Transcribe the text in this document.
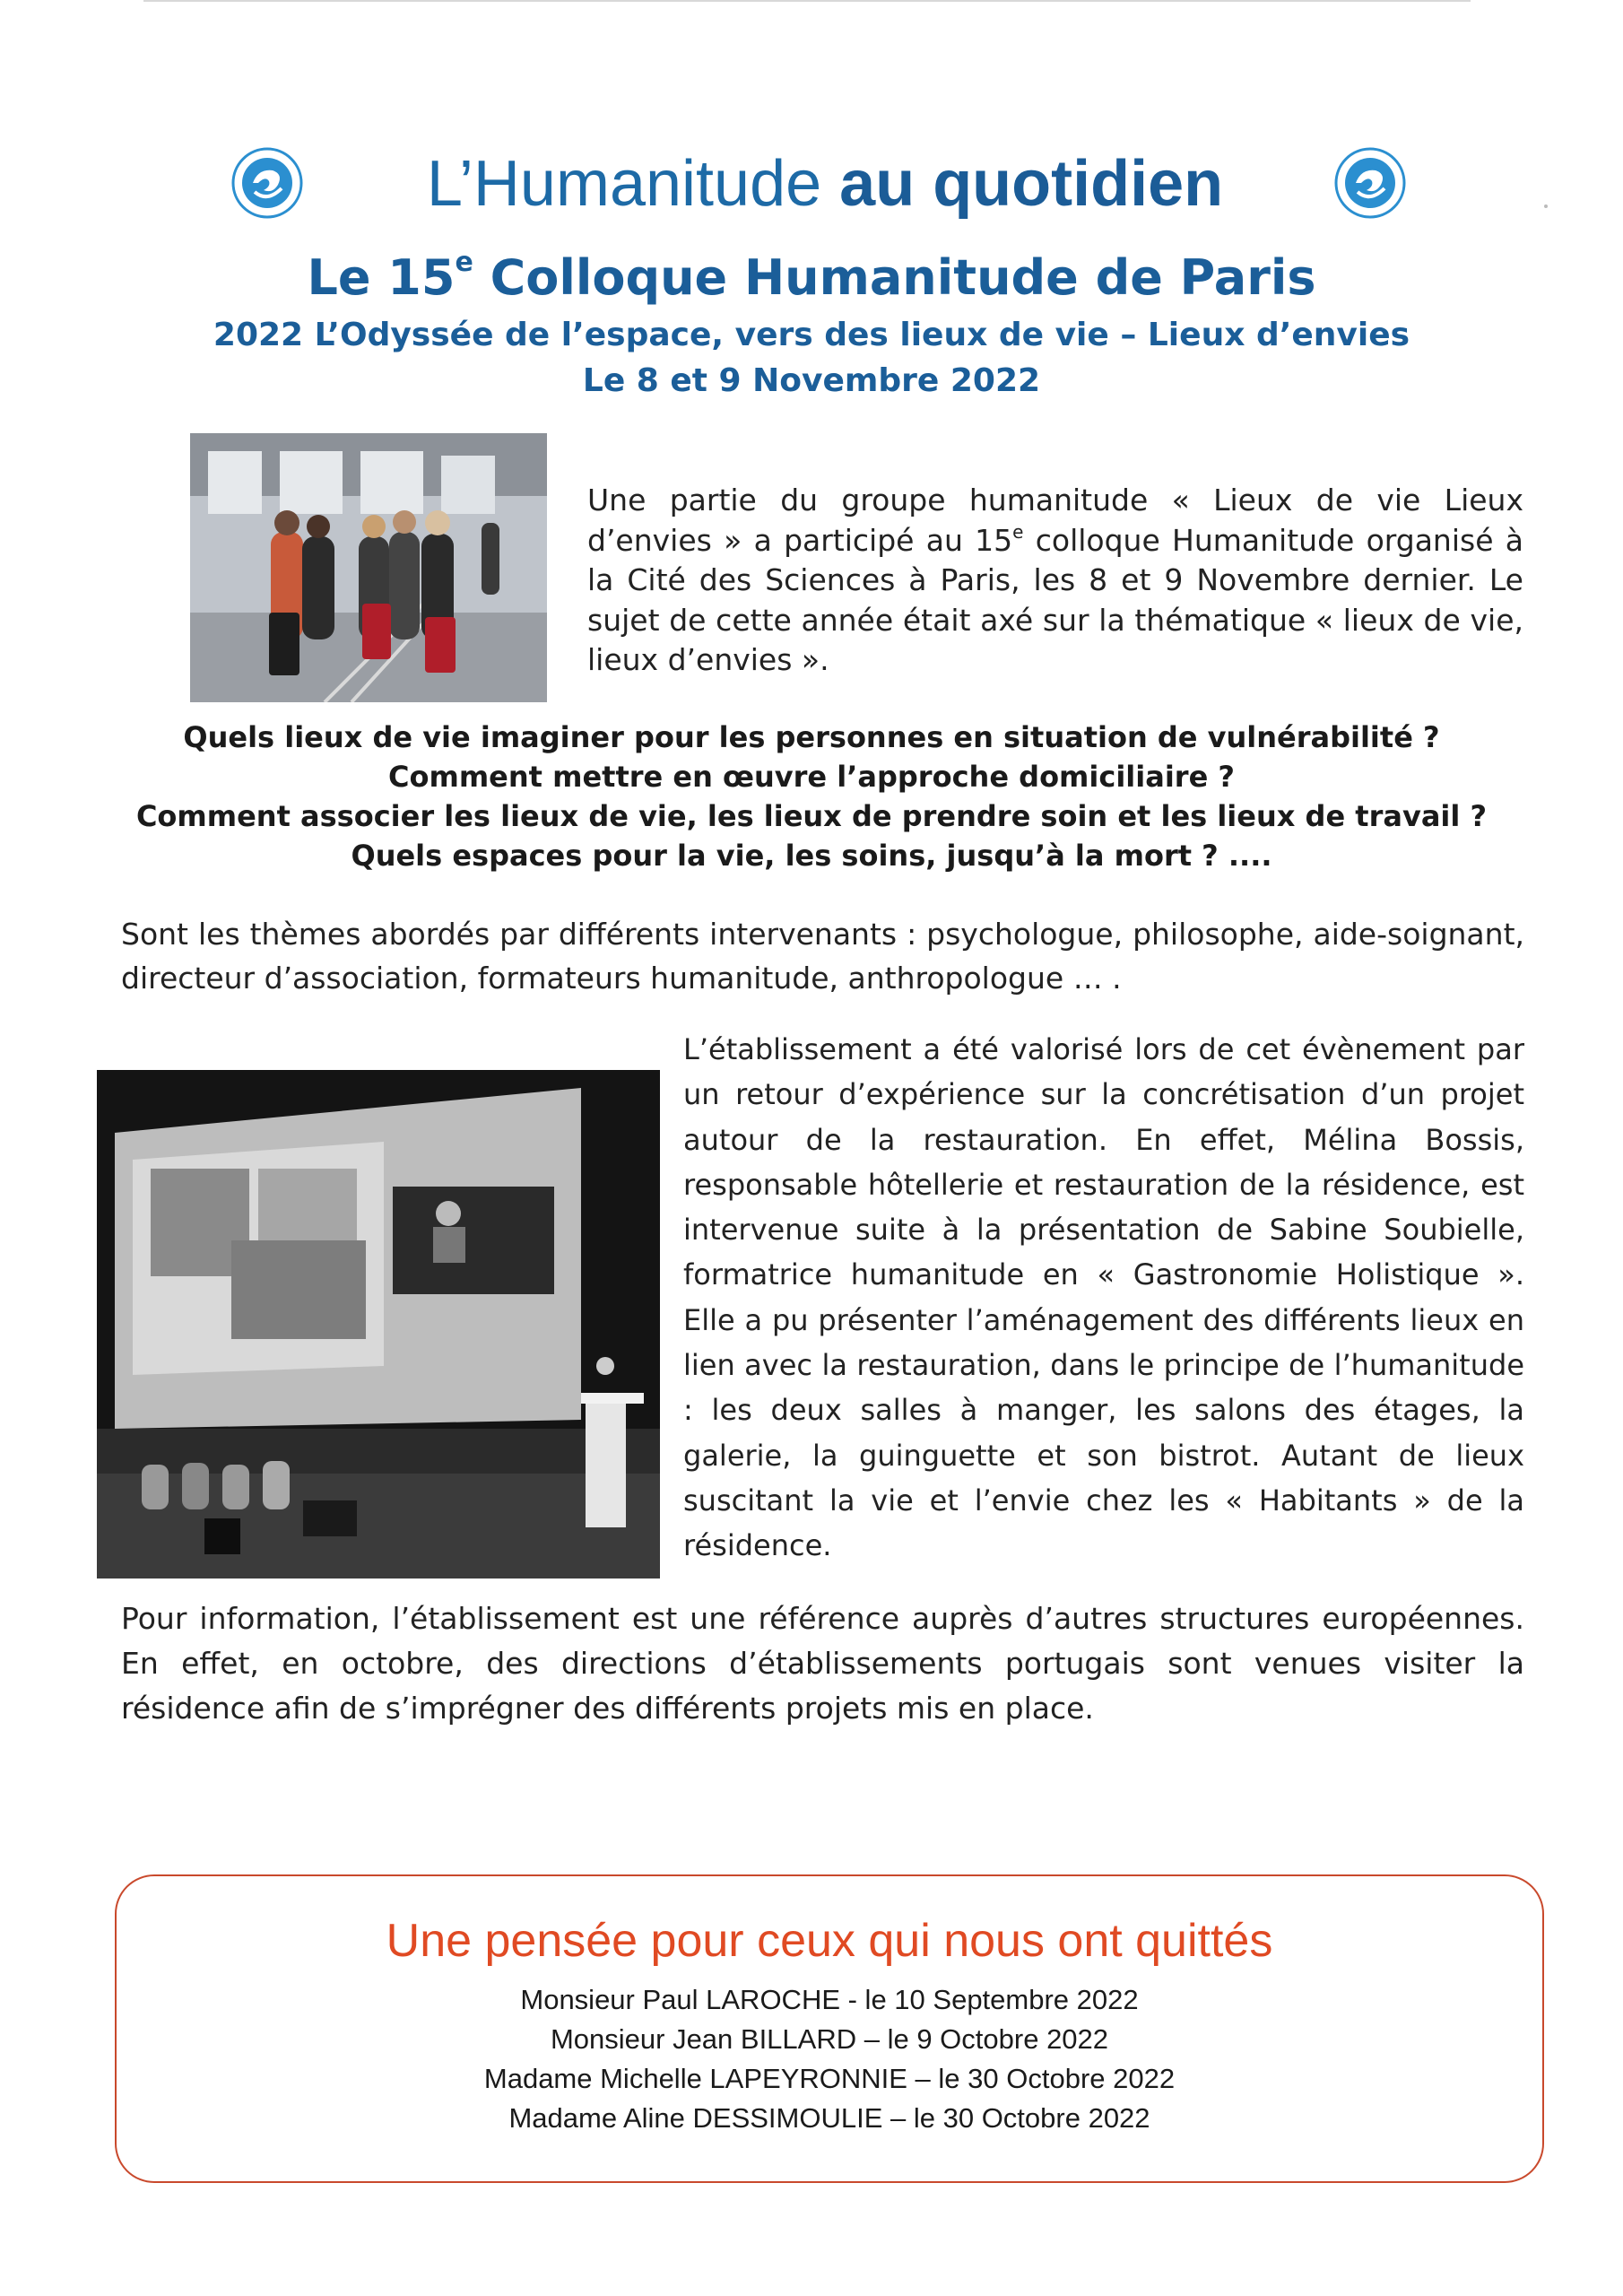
L’Humanitude au quotidien
Le 15e Colloque Humanitude de Paris
2022 L’Odyssée de l’espace, vers des lieux de vie – Lieux d’envies
Le 8 et 9 Novembre 2022
Une partie du groupe humanitude « Lieux de vie Lieux d’envies » a participé au 15e colloque Humanitude organisé à la Cité des Sciences à Paris, les 8 et 9 Novembre dernier. Le sujet de cette année était axé sur la thématique « lieux de vie, lieux d’envies ».
Quels lieux de vie imaginer pour les personnes en situation de vulnérabilité ?
Comment mettre en œuvre l’approche domiciliaire ?
Comment associer les lieux de vie, les lieux de prendre soin et les lieux de travail ?
Quels espaces pour la vie, les soins, jusqu’à la mort ? ....
Sont les thèmes abordés par différents intervenants : psychologue, philosophe, aide-soignant, directeur d’association, formateurs humanitude, anthropologue … .
L’établissement a été valorisé lors de cet évènement par un retour d’expérience sur la concrétisation d’un projet autour de la restauration. En effet, Mélina Bossis, responsable hôtellerie et restauration de la résidence, est intervenue suite à la présentation de Sabine Soubielle, formatrice humanitude en « Gastronomie Holistique ». Elle a pu présenter l’aménagement des différents lieux en lien avec la restauration, dans le principe de l’humanitude : les deux salles à manger, les salons des étages, la galerie, la guinguette et son bistrot. Autant de lieux suscitant la vie et l’envie chez les « Habitants » de la résidence.
Pour information, l’établissement est une référence auprès d’autres structures européennes. En effet, en octobre, des directions d’établissements portugais sont venues visiter la résidence afin de s’imprégner des différents projets mis en place.
Une pensée pour ceux qui nous ont quittés
Monsieur Paul LAROCHE - le 10 Septembre 2022
Monsieur Jean BILLARD – le 9 Octobre 2022
Madame Michelle LAPEYRONNIE – le 30 Octobre 2022
Madame Aline DESSIMOULIE – le 30 Octobre 2022
